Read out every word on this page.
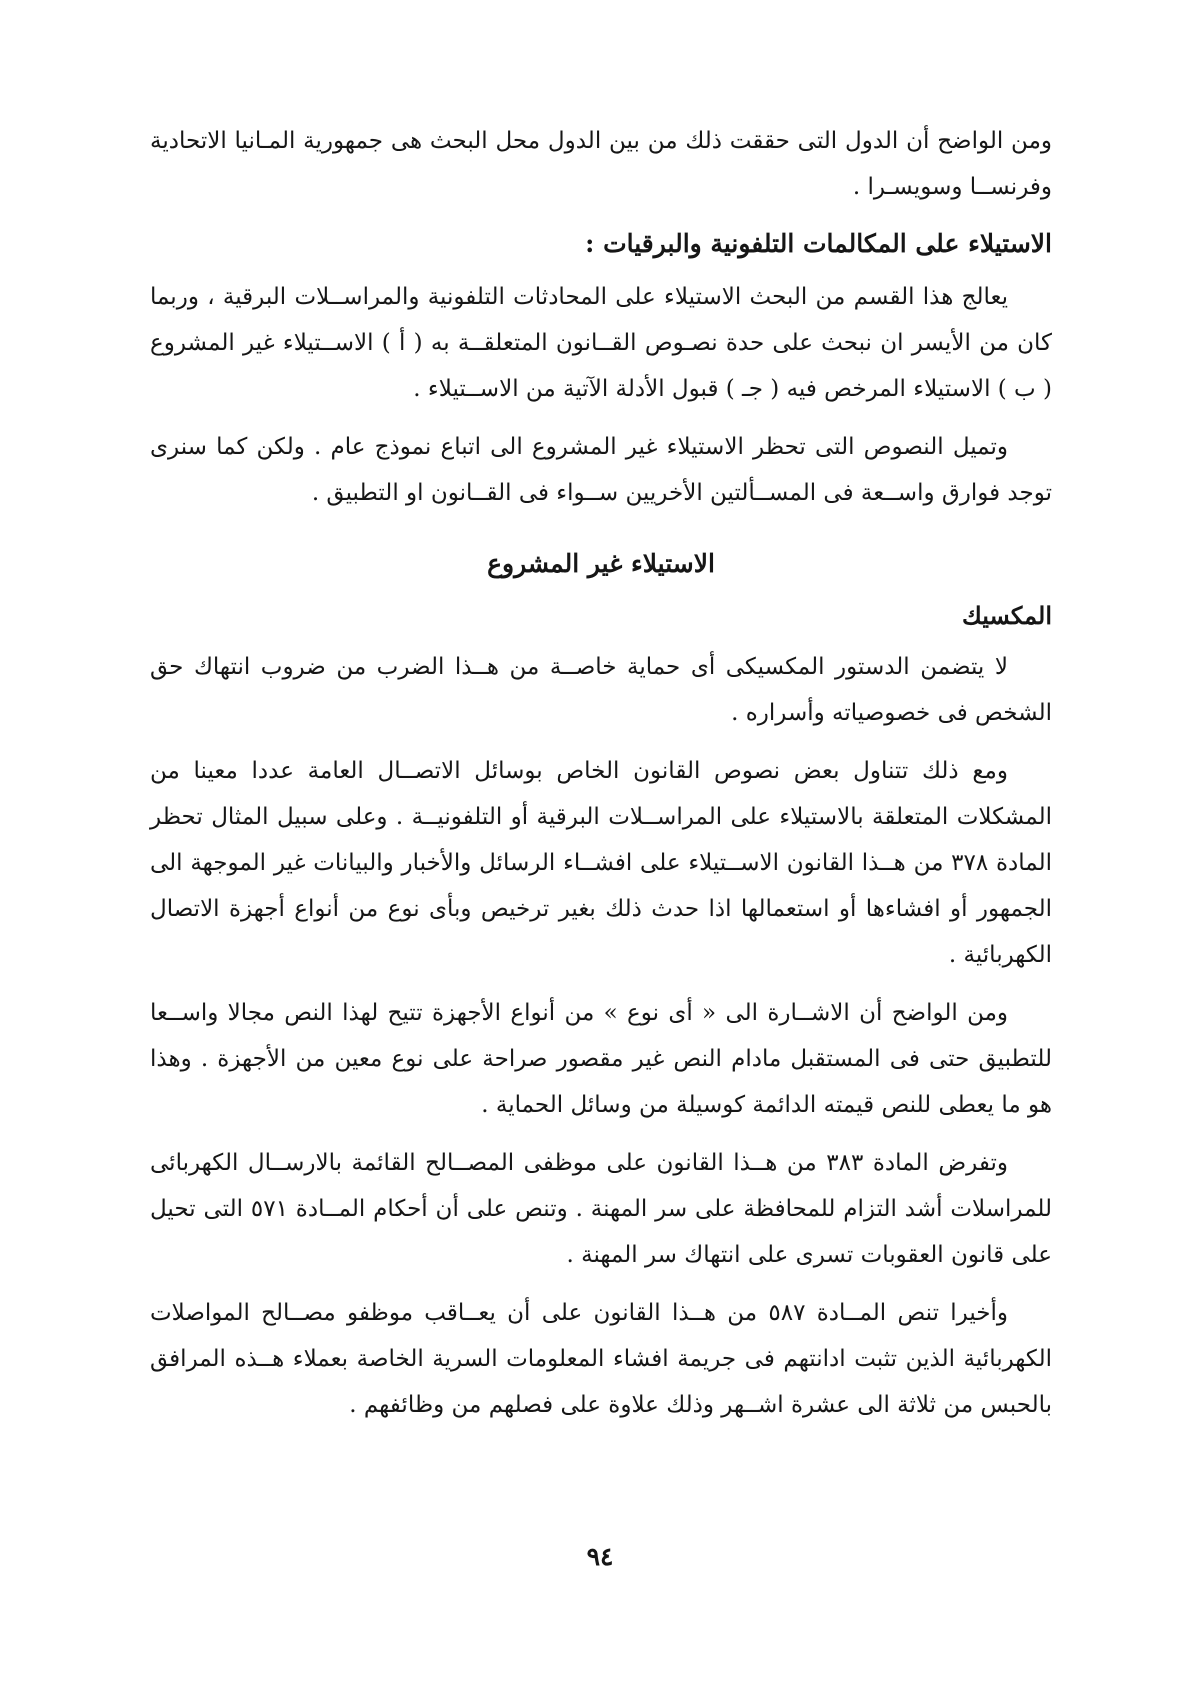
ومن الواضح أن الدول التى حققت ذلك من بين الدول محل البحث هى جمهورية المـانيا الاتحادية وفرنســا وسويسـرا .

الاستيلاء على المكالمات التلفونية والبرقيات :

يعالج هذا القسم من البحث الاستيلاء على المحادثات التلفونية والمراســلات البرقية ، وربما كان من الأيسر ان نبحث على حدة نصـوص القــانون المتعلقــة به ( أ ) الاســتيلاء غير المشروع ( ب ) الاستيلاء المرخص فيه ( جـ ) قبول الأدلة الآتية من الاســتيلاء .

وتميل النصوص التى تحظر الاستيلاء غير المشروع الى اتباع نموذج عام . ولكن كما سنرى توجد فوارق واســعة فى المســألتين الأخريين ســواء فى القــانون او التطبيق .

الاستيلاء غير المشروع
المكسيك

لا يتضمن الدستور المكسيكى أى حماية خاصــة من هــذا الضرب من ضروب انتهاك حق الشخص فى خصوصياته وأسراره .

ومع ذلك تتناول بعض نصوص القانون الخاص بوسائل الاتصــال العامة عددا معينا من المشكلات المتعلقة بالاستيلاء على المراســلات البرقية أو التلفونيــة . وعلى سبيل المثال تحظر المادة ٣٧٨ من هــذا القانون الاســتيلاء على افشــاء الرسائل والأخبار والبيانات غير الموجهة الى الجمهور أو افشاءها أو استعمالها اذا حدث ذلك بغير ترخيص وبأى نوع من أنواع أجهزة الاتصال الكهربائية .

ومن الواضح أن الاشــارة الى « أى نوع » من أنواع الأجهزة تتيح لهذا النص مجالا واســعا للتطبيق حتى فى المستقبل مادام النص غير مقصور صراحة على نوع معين من الأجهزة . وهذا هو ما يعطى للنص قيمته الدائمة كوسيلة من وسائل الحماية .

وتفرض المادة ٣٨٣ من هــذا القانون على موظفى المصــالح القائمة بالارســال الكهربائى للمراسلات أشد التزام للمحافظة على سر المهنة . وتنص على أن أحكام المــادة ٥٧١ التى تحيل على قانون العقوبات تسرى على انتهاك سر المهنة .

وأخيرا تنص المــادة ٥٨٧ من هــذا القانون على أن يعــاقب موظفو مصــالح المواصلات الكهربائية الذين تثبت ادانتهم فى جريمة افشاء المعلومات السرية الخاصة بعملاء هــذه المرافق بالحبس من ثلاثة الى عشرة اشــهر وذلك علاوة على فصلهم من وظائفهم .

٩٤
